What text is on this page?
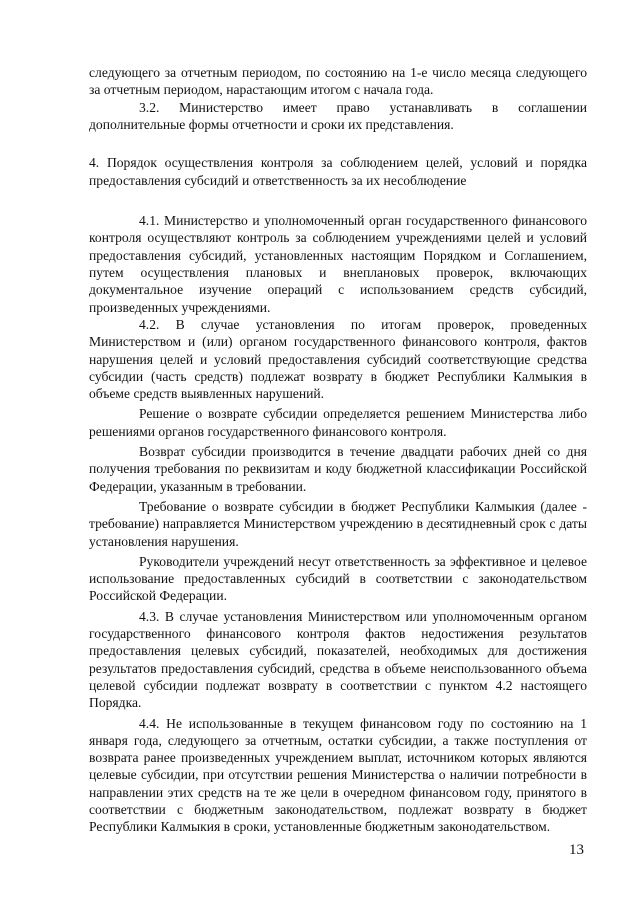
следующего за отчетным периодом, по состоянию на 1-е число месяца следующего за отчетным периодом, нарастающим итогом с начала года.

3.2. Министерство имеет право устанавливать в соглашении дополнительные формы отчетности и сроки их представления.

4. Порядок осуществления контроля за соблюдением целей, условий и порядка предоставления субсидий и ответственность за их несоблюдение

4.1. Министерство и уполномоченный орган государственного финансового контроля осуществляют контроль за соблюдением учреждениями целей и условий предоставления субсидий, установленных настоящим Порядком и Соглашением, путем осуществления плановых и внеплановых проверок, включающих документальное изучение операций с использованием средств субсидий, произведенных учреждениями.

4.2. В случае установления по итогам проверок, проведенных Министерством и (или) органом государственного финансового контроля, фактов нарушения целей и условий предоставления субсидий соответствующие средства субсидии (часть средств) подлежат возврату в бюджет Республики Калмыкия в объеме средств выявленных нарушений.

Решение о возврате субсидии определяется решением Министерства либо решениями органов государственного финансового контроля.

Возврат субсидии производится в течение двадцати рабочих дней со дня получения требования по реквизитам и коду бюджетной классификации Российской Федерации, указанным в требовании.

Требование о возврате субсидии в бюджет Республики Калмыкия (далее - требование) направляется Министерством учреждению в десятидневный срок с даты установления нарушения.

Руководители учреждений несут ответственность за эффективное и целевое использование предоставленных субсидий в соответствии с законодательством Российской Федерации.

4.3. В случае установления Министерством или уполномоченным органом государственного финансового контроля фактов недостижения результатов предоставления целевых субсидий, показателей, необходимых для достижения результатов предоставления субсидий, средства в объеме неиспользованного объема целевой субсидии подлежат возврату в соответствии с пунктом 4.2 настоящего Порядка.

4.4. Не использованные в текущем финансовом году по состоянию на 1 января года, следующего за отчетным, остатки субсидии, а также поступления от возврата ранее произведенных учреждением выплат, источником которых являются целевые субсидии, при отсутствии решения Министерства о наличии потребности в направлении этих средств на те же цели в очередном финансовом году, принятого в соответствии с бюджетным законодательством, подлежат возврату в бюджет Республики Калмыкия в сроки, установленные бюджетным законодательством.

13
